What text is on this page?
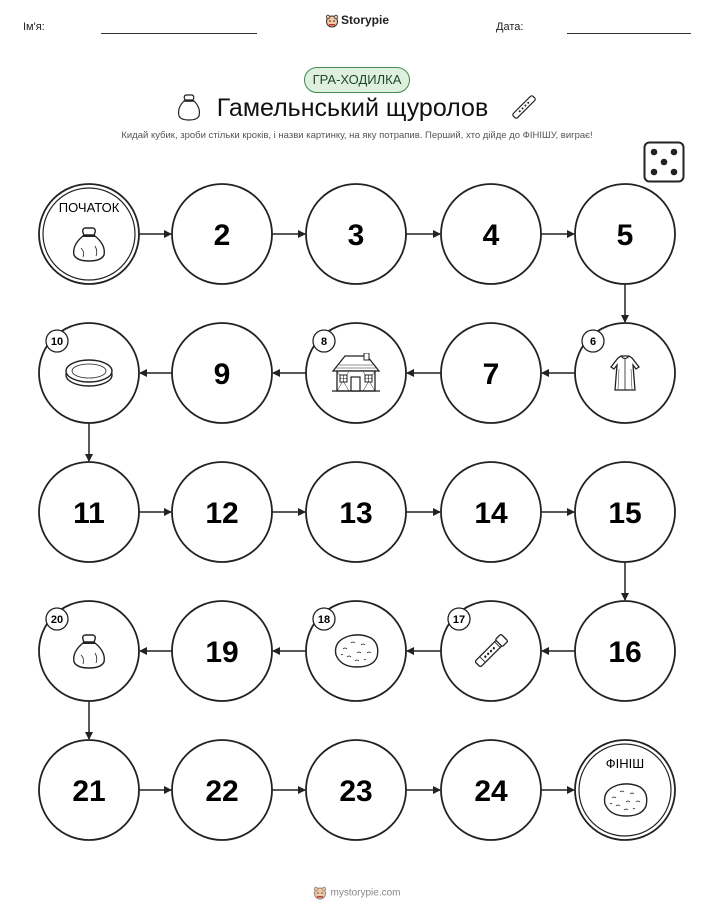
Ім'я:	Storypie	Дата:
ГРА-ХОДИЛКА
Гамельнський щуролов
Кидай кубик, зроби стільки кроків, і назви картинку, на яку потрапив. Перший, хто дійде до ФІНІШУ, виграє!
ПОЧАТОК
2	3	4	5
6
7
8
9
10
11	12	13	14	15
16
17
18
19
20
21	22	23	24
ФІНІШ
mystorypie.com
